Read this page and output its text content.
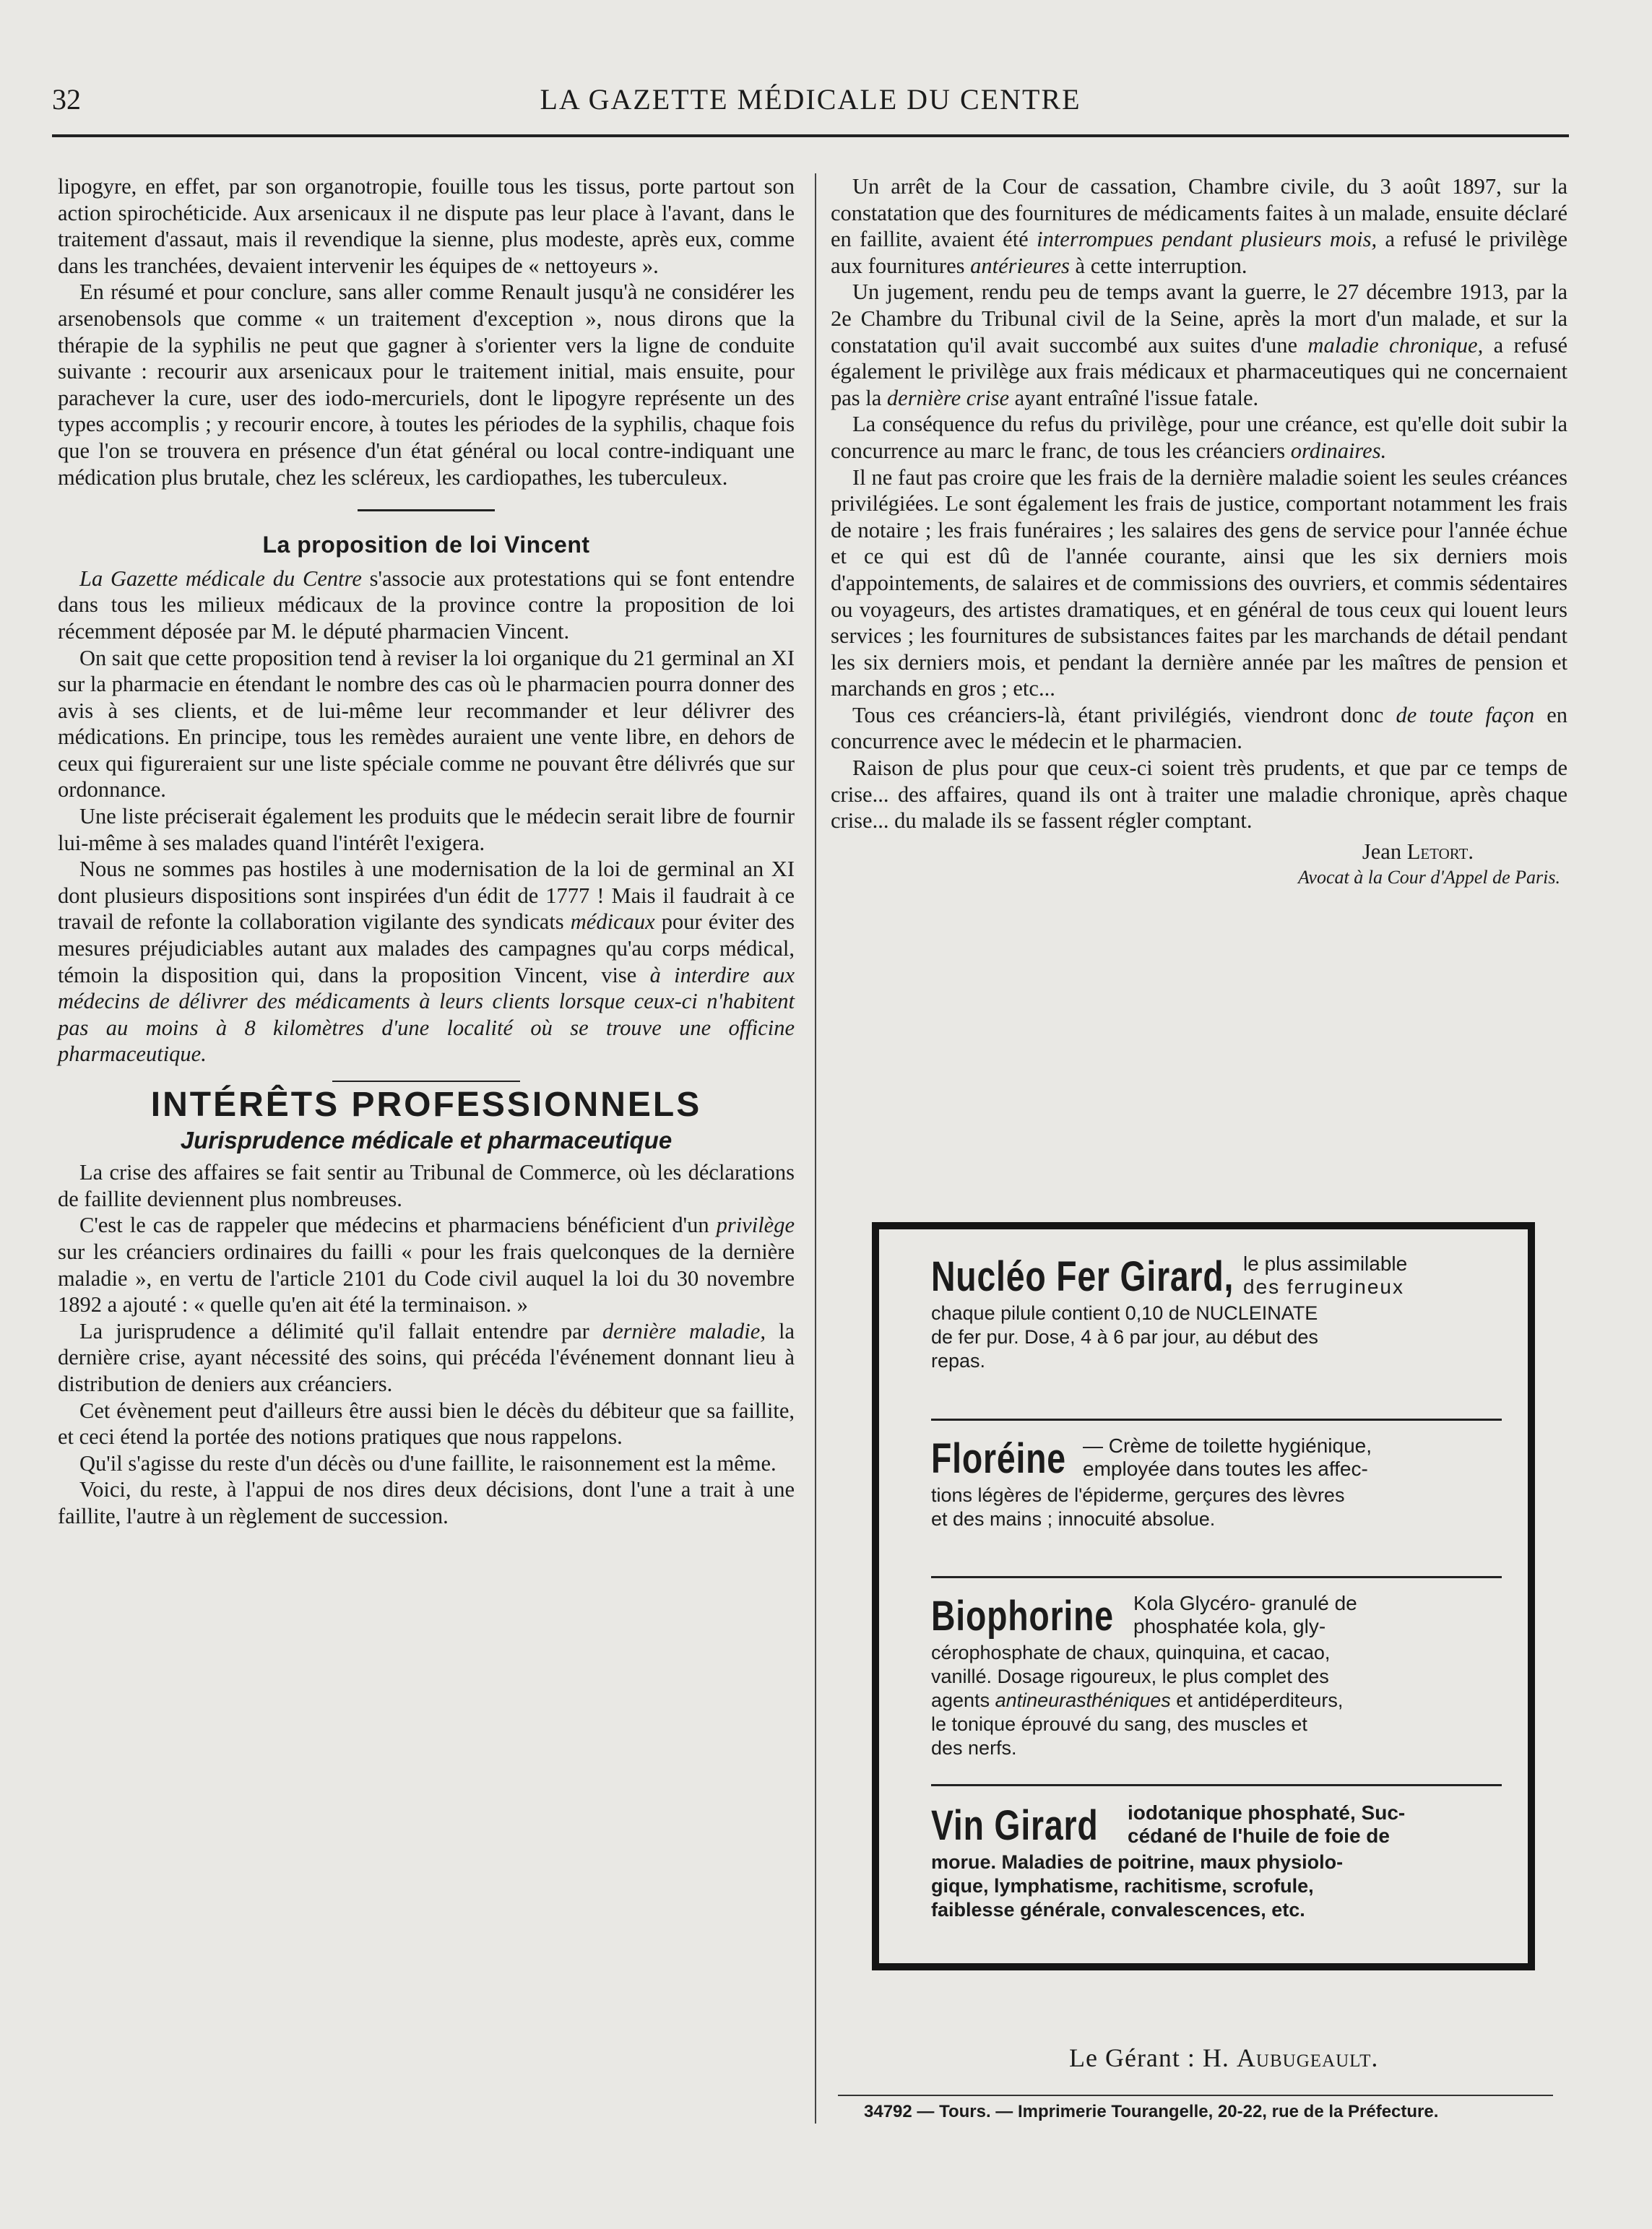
32	LA GAZETTE MÉDICALE DU CENTRE

lipogyre, en effet, par son organotropie, fouille tous les tissus, porte partout son action spirochéticide. Aux arsenicaux il ne dispute pas leur place à l'avant, dans le traitement d'assaut, mais il revendique la sienne, plus modeste, après eux, comme dans les tranchées, devaient intervenir les équipes de « nettoyeurs ».

En résumé et pour conclure, sans aller comme Renault jusqu'à ne considérer les arsenobensols que comme « un traitement d'exception », nous dirons que la thérapie de la syphilis ne peut que gagner à s'orienter vers la ligne de conduite suivante : recourir aux arsenicaux pour le traitement initial, mais ensuite, pour parachever la cure, user des iodo-mercuriels, dont le lipogyre représente un des types accomplis ; y recourir encore, à toutes les périodes de la syphilis, chaque fois que l'on se trouvera en présence d'un état général ou local contre-indiquant une médication plus brutale, chez les scléreux, les cardiopathes, les tuberculeux.

La proposition de loi Vincent

La Gazette médicale du Centre s'associe aux protestations qui se font entendre dans tous les milieux médicaux de la province contre la proposition de loi récemment déposée par M. le député pharmacien Vincent.

On sait que cette proposition tend à reviser la loi organique du 21 germinal an XI sur la pharmacie en étendant le nombre des cas où le pharmacien pourra donner des avis à ses clients, et de lui-même leur recommander et leur délivrer des médications. En principe, tous les remèdes auraient une vente libre, en dehors de ceux qui figureraient sur une liste spéciale comme ne pouvant être délivrés que sur ordonnance.

Une liste préciserait également les produits que le médecin serait libre de fournir lui-même à ses malades quand l'intérêt l'exigera.

Nous ne sommes pas hostiles à une modernisation de la loi de germinal an XI dont plusieurs dispositions sont inspirées d'un édit de 1777 ! Mais il faudrait à ce travail de refonte la collaboration vigilante des syndicats médicaux pour éviter des mesures préjudiciables autant aux malades des campagnes qu'au corps médical, témoin la disposition qui, dans la proposition Vincent, vise à interdire aux médecins de délivrer des médicaments à leurs clients lorsque ceux-ci n'habitent pas au moins à 8 kilomètres d'une localité où se trouve une officine pharmaceutique.

INTÉRÊTS PROFESSIONNELS
Jurisprudence médicale et pharmaceutique

La crise des affaires se fait sentir au Tribunal de Commerce, où les déclarations de faillite deviennent plus nombreuses.

C'est le cas de rappeler que médecins et pharmaciens bénéficient d'un privilège sur les créanciers ordinaires du failli « pour les frais quelconques de la dernière maladie », en vertu de l'article 2101 du Code civil auquel la loi du 30 novembre 1892 a ajouté : « quelle qu'en ait été la terminaison. »

La jurisprudence a délimité qu'il fallait entendre par dernière maladie, la dernière crise, ayant nécessité des soins, qui précéda l'événement donnant lieu à distribution de deniers aux créanciers.

Cet évènement peut d'ailleurs être aussi bien le décès du débiteur que sa faillite, et ceci étend la portée des notions pratiques que nous rappelons.

Qu'il s'agisse du reste d'un décès ou d'une faillite, le raisonnement est la même.

Voici, du reste, à l'appui de nos dires deux décisions, dont l'une a trait à une faillite, l'autre à un règlement de succession.

Un arrêt de la Cour de cassation, Chambre civile, du 3 août 1897, sur la constatation que des fournitures de médicaments faites à un malade, ensuite déclaré en faillite, avaient été interrompues pendant plusieurs mois, a refusé le privilège aux fournitures antérieures à cette interruption.

Un jugement, rendu peu de temps avant la guerre, le 27 décembre 1913, par la 2e Chambre du Tribunal civil de la Seine, après la mort d'un malade, et sur la constatation qu'il avait succombé aux suites d'une maladie chronique, a refusé également le privilège aux frais médicaux et pharmaceutiques qui ne concernaient pas la dernière crise ayant entraîné l'issue fatale.

La conséquence du refus du privilège, pour une créance, est qu'elle doit subir la concurrence au marc le franc, de tous les créanciers ordinaires.

Il ne faut pas croire que les frais de la dernière maladie soient les seules créances privilégiées. Le sont également les frais de justice, comportant notamment les frais de notaire ; les frais funéraires ; les salaires des gens de service pour l'année échue et ce qui est dû de l'année courante, ainsi que les six derniers mois d'appointements, de salaires et de commissions des ouvriers, et commis sédentaires ou voyageurs, des artistes dramatiques, et en général de tous ceux qui louent leurs services ; les fournitures de subsistances faites par les marchands de détail pendant les six derniers mois, et pendant la dernière année par les maîtres de pension et marchands en gros ; etc...

Tous ces créanciers-là, étant privilégiés, viendront donc de toute façon en concurrence avec le médecin et le pharmacien.

Raison de plus pour que ceux-ci soient très prudents, et que par ce temps de crise... des affaires, quand ils ont à traiter une maladie chronique, après chaque crise... du malade ils se fassent régler comptant.

Jean Letort.
Avocat à la Cour d'Appel de Paris.
Nucléo Fer Girard, le plus assimilable
des ferrugineux
chaque pilule contient 0,10 de NUCLEINATE
de fer pur. Dose, 4 à 6 par jour, au début des
repas.
Floréine — Crème de toilette hygiénique,
employée dans toutes les affec-
tions légères de l'épiderme, gerçures des lèvres
et des mains ; innocuité absolue.
Biophorine Kola Glycéro- granulé de
phosphatée kola, gly-
cérophosphate de chaux, quinquina, et cacao,
vanillé. Dosage rigoureux, le plus complet des
agents antineurasthéniques et antidéperditeurs,
le tonique éprouvé du sang, des muscles et
des nerfs.
Vin Girard iodotanique phosphaté, Suc-
cédané de l'huile de foie de
morue. Maladies de poitrine, maux physiolo-
gique, lymphatisme, rachitisme, scrofule,
faiblesse générale, convalescences, etc.
Le Gérant : H. Aubugeault.
34792 — Tours. — Imprimerie Tourangelle, 20-22, rue de la Préfecture.
